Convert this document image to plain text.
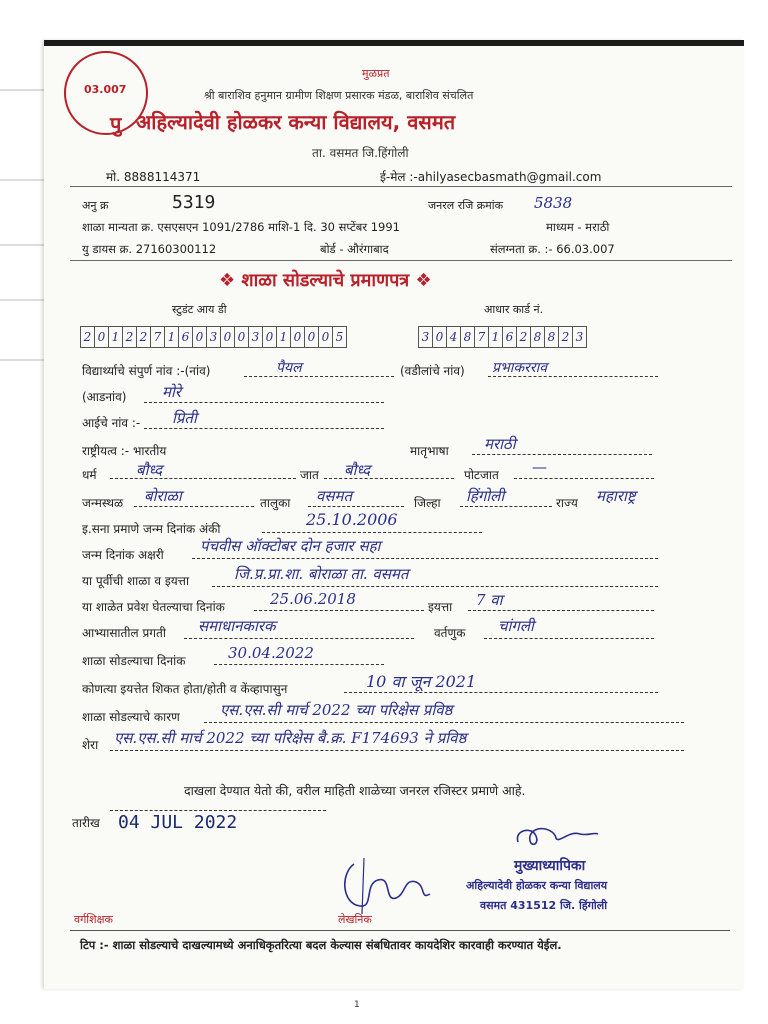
03.007
मुळप्रत
श्री बाराशिव हनुमान ग्रामीण शिक्षण प्रसारक मंडळ, बाराशिव संचलित
पु अहिल्यादेवी होळकर कन्या विद्यालय, वसमत
ता. वसमत जि.हिंगोली
मो. 8888114371	ई-मेल :-ahilyasecbasmath@gmail.com
अनु क्र	5319	जनरल रजि क्रमांक 5838
शाळा मान्यता क्र. एसएसएन 1091/2786 माशि-1 दि. 30 सप्टेंबर 1991	माध्यम - मराठी
यु डायस क्र. 27160300112	बोर्ड - औरंगाबाद	संलग्नता क्र. :- 66.03.007
❖ शाळा सोडल्याचे प्रमाणपत्र ❖
स्टुडंट आय डी	आधार कार्ड नं.
2 0 1 2 2 7 1 6 0 3 0 0 3 0 1 0 0 0 5	3 0 4 8 7 1 6 2 8 8 2 3
विद्यार्थ्याचे संपुर्ण नांव :-(नांव)	पैयल	(वडीलांचे नांव) प्रभाकरराव
(आडनांव) मोरे
आईचे नांव :- प्रिती
राष्ट्रीयत्व :- भारतीय	मातृभाषा मराठी
धर्म	बौध्द	जात बौध्द	पोटजात —
जन्मस्थळ बोराळा	तालुका वसमत	जिल्हा हिंगोली	राज्य महाराष्ट्र
इ.सना प्रमाणे जन्म दिनांक अंकी	25.10.2006
जन्म दिनांक अक्षरी पंचवीस ऑक्टोबर दोन हजार सहा
या पूर्वीची शाळा व इयत्ता	जि.प्र.प्रा.शा. बोराळा ता. वसमत
या शाळेत प्रवेश घेतल्याचा दिनांक	25.06.2018	इयत्ता 7 वा
आभ्यासातील प्रगती समाधानकारक	वर्तणुक चांगली
शाळा सोडल्याचा दिनांक	30.04.2022
कोणत्या इयत्तेत शिकत होता/होती व केंव्हापासुन	10 वा जून 2021
शाळा सोडल्याचे कारण	एस.एस.सी मार्च 2022 च्या परिक्षेस प्रविष्ठ
शेरा एस.एस.सी मार्च 2022 च्या परिक्षेस बै.क्र. F174693 ने प्रविष्ठ
दाखला देण्यात येतो की, वरील माहिती शाळेच्या जनरल रजिस्टर प्रमाणे आहे.
तारीख 04 JUL 2022
मुख्याध्यापिका
अहिल्यादेवी होळकर कन्या विद्यालय
वसमत 431512 जि. हिंगोली
वर्गशिक्षक	लेखनिक
टिप :- शाळा सोडल्याचे दाखल्यामध्ये अनाधिकृतरित्या बदल केल्यास संबधितावर कायदेशिर कारवाही करण्यात येईल.
1
